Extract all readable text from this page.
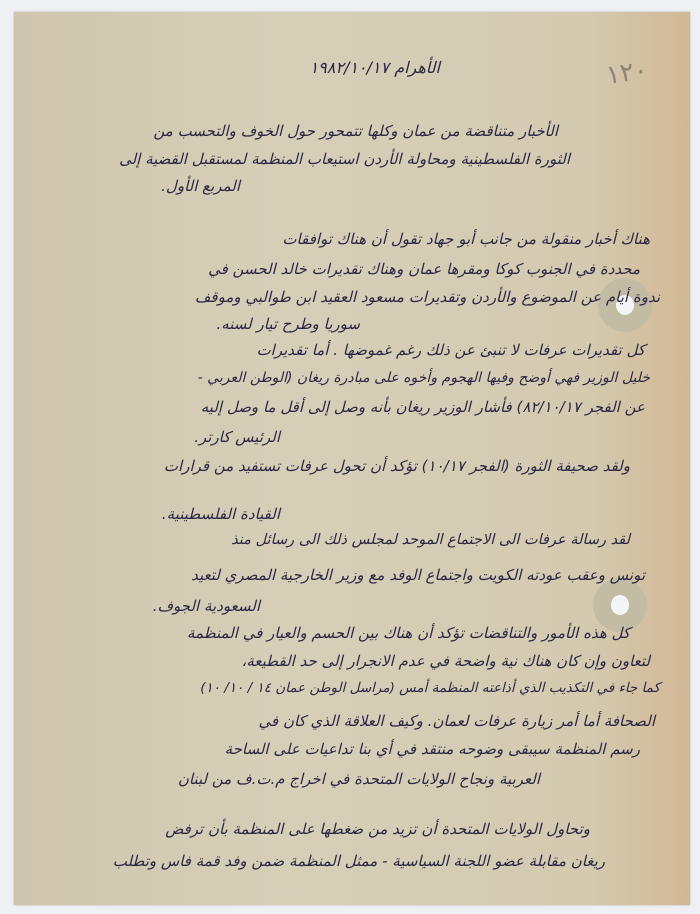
١٢٠
الأهرام ١٩٨٢/١٠/١٧
الأخبار متناقضة من عمان وكلها تتمحور حول الخوف والتحسب من
الثورة الفلسطينية ومحاولة الأردن استيعاب المنظمة لمستقبل القضية إلى
المربع الأول.
هناك أخبار منقولة من جانب أبو جهاد تقول أن هناك توافقات
محددة في الجنوب كوكا ومقرها عمان وهناك تقديرات خالد الحسن في
ندوة أيام عن الموضوع والأردن وتقديرات مسعود العقيد ابن طوالبي وموقف
سوريا وطرح تيار لسنه.
كل تقديرات عرفات لا تنبئ عن ذلك رغم غموضها . أما تقديرات
خليل الوزير فهي أوضح وفيها الهجوم وأخوه على مبادرة ريغان (الوطن العربي -
عن الفجر ٨٢/١٠/١٧) فأشار الوزير ريغان بأنه وصل إلى أقل ما وصل إليه
الرئيس كارتر.
ولقد صحيفة الثورة (الفجر ١٠/١٧) تؤكد أن تحول عرفات تستفيد من قرارات
القيادة الفلسطينية.
لقد رسالة عرفات الى الاجتماع الموحد لمجلس ذلك الى رسائل منذ
تونس وعقب عودته الكويت واجتماع الوفد مع وزير الخارجية المصري لتعيد
السعودية الجوف.
كل هذه الأمور والتناقضات تؤكد أن هناك بين الحسم والعيار في المنظمة
لتعاون وإن كان هناك نية واضحة في عدم الانجرار إلى حد القطيعة،
كما جاء في التكذيب الذي أذاعته المنظمة أمس (مراسل الوطن عمان ١٤ / ١٠/ ١٠)
الصحافة أما أمر زيارة عرفات لعمان. وكيف العلاقة الذي كان في
رسم المنظمة سيبقى وضوحه منتقد في أي بنا تداعيات على الساحة
العربية ونجاح الولايات المتحدة في اخراج م.ت.ف من لبنان
وتحاول الولايات المتحدة أن تزيد من ضغطها على المنظمة بأن ترفض
ريغان مقابلة عضو اللجنة السياسية - ممثل المنظمة ضمن وفد قمة فاس وتطلب
